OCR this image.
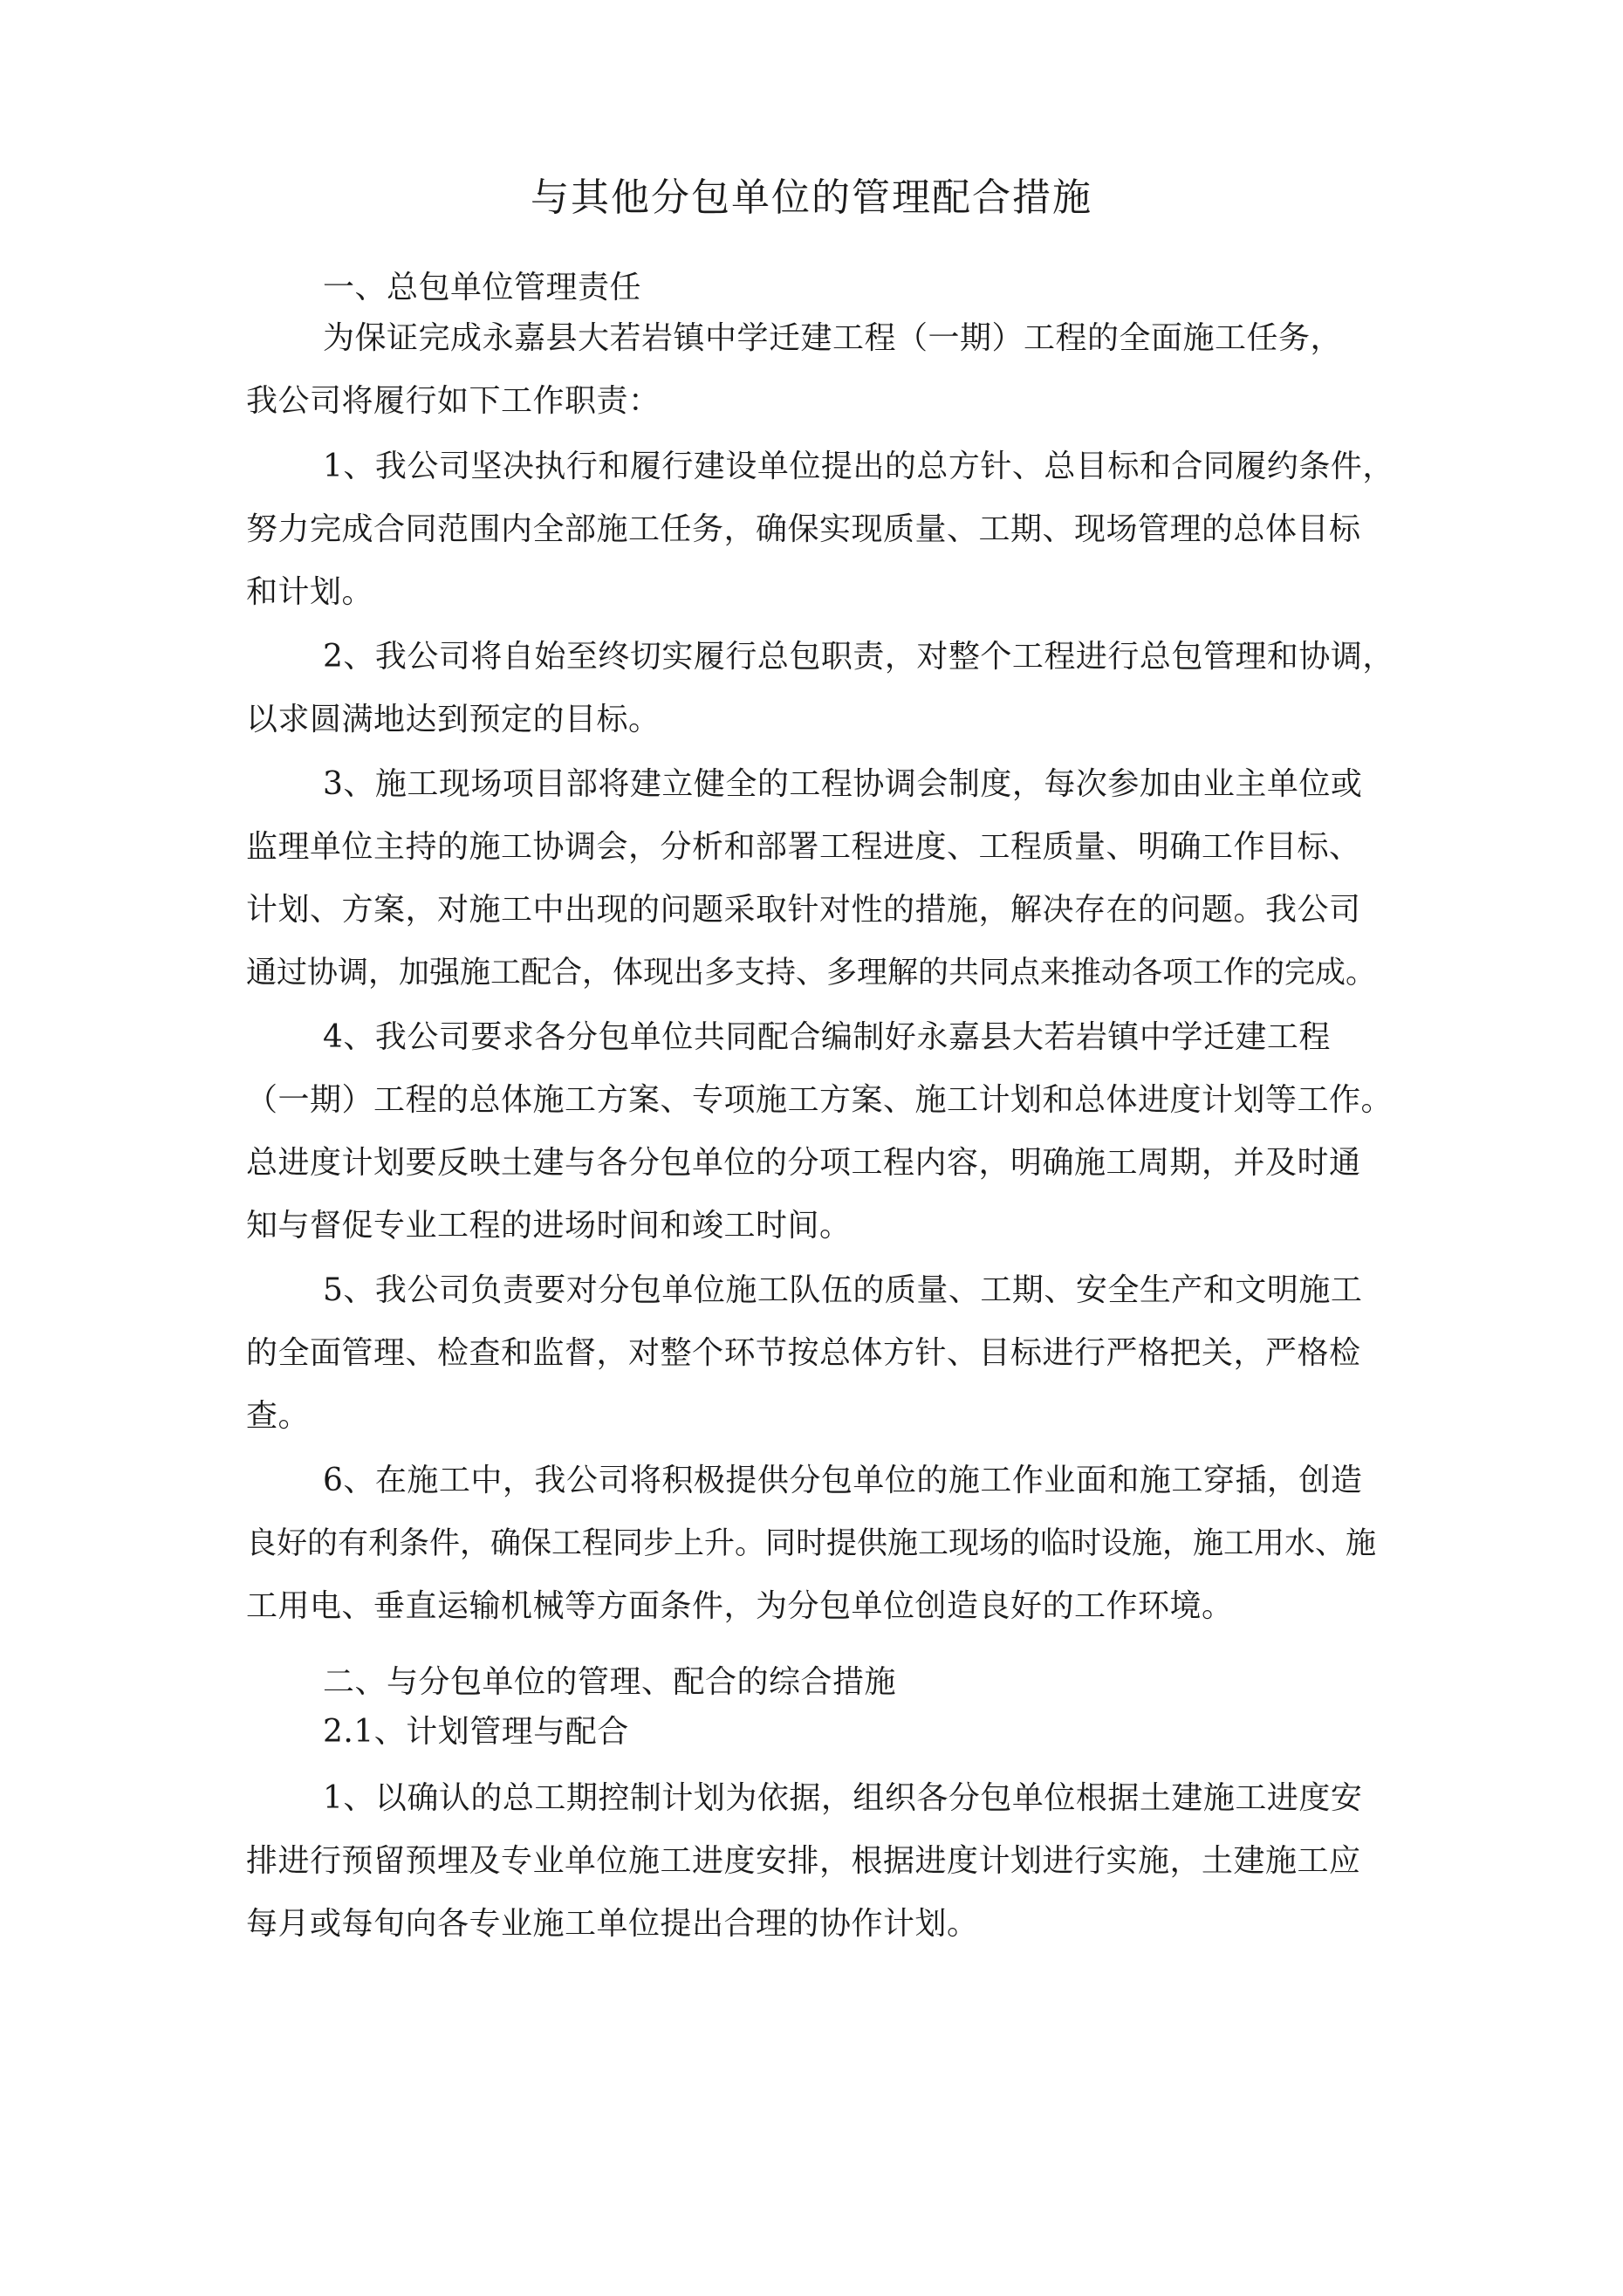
与其他分包单位的管理配合措施
一、总包单位管理责任
为保证完成永嘉县大若岩镇中学迁建工程（一期）工程的全面施工任务，
我公司将履行如下工作职责：
1、我公司坚决执行和履行建设单位提出的总方针、总目标和合同履约条件，
努力完成合同范围内全部施工任务，确保实现质量、工期、现场管理的总体目标
和计划。
2、我公司将自始至终切实履行总包职责，对整个工程进行总包管理和协调，
以求圆满地达到预定的目标。
3、施工现场项目部将建立健全的工程协调会制度，每次参加由业主单位或
监理单位主持的施工协调会，分析和部署工程进度、工程质量、明确工作目标、
计划、方案，对施工中出现的问题采取针对性的措施，解决存在的问题。我公司
通过协调，加强施工配合，体现出多支持、多理解的共同点来推动各项工作的完成。
4、我公司要求各分包单位共同配合编制好永嘉县大若岩镇中学迁建工程
（一期）工程的总体施工方案、专项施工方案、施工计划和总体进度计划等工作。
总进度计划要反映土建与各分包单位的分项工程内容，明确施工周期，并及时通
知与督促专业工程的进场时间和竣工时间。
5、我公司负责要对分包单位施工队伍的质量、工期、安全生产和文明施工
的全面管理、检查和监督，对整个环节按总体方针、目标进行严格把关，严格检
查。
6、在施工中，我公司将积极提供分包单位的施工作业面和施工穿插，创造
良好的有利条件，确保工程同步上升。同时提供施工现场的临时设施，施工用水、施
工用电、垂直运输机械等方面条件，为分包单位创造良好的工作环境。
二、与分包单位的管理、配合的综合措施
2.1、计划管理与配合
1、以确认的总工期控制计划为依据，组织各分包单位根据土建施工进度安
排进行预留预埋及专业单位施工进度安排，根据进度计划进行实施，土建施工应
每月或每旬向各专业施工单位提出合理的协作计划。
